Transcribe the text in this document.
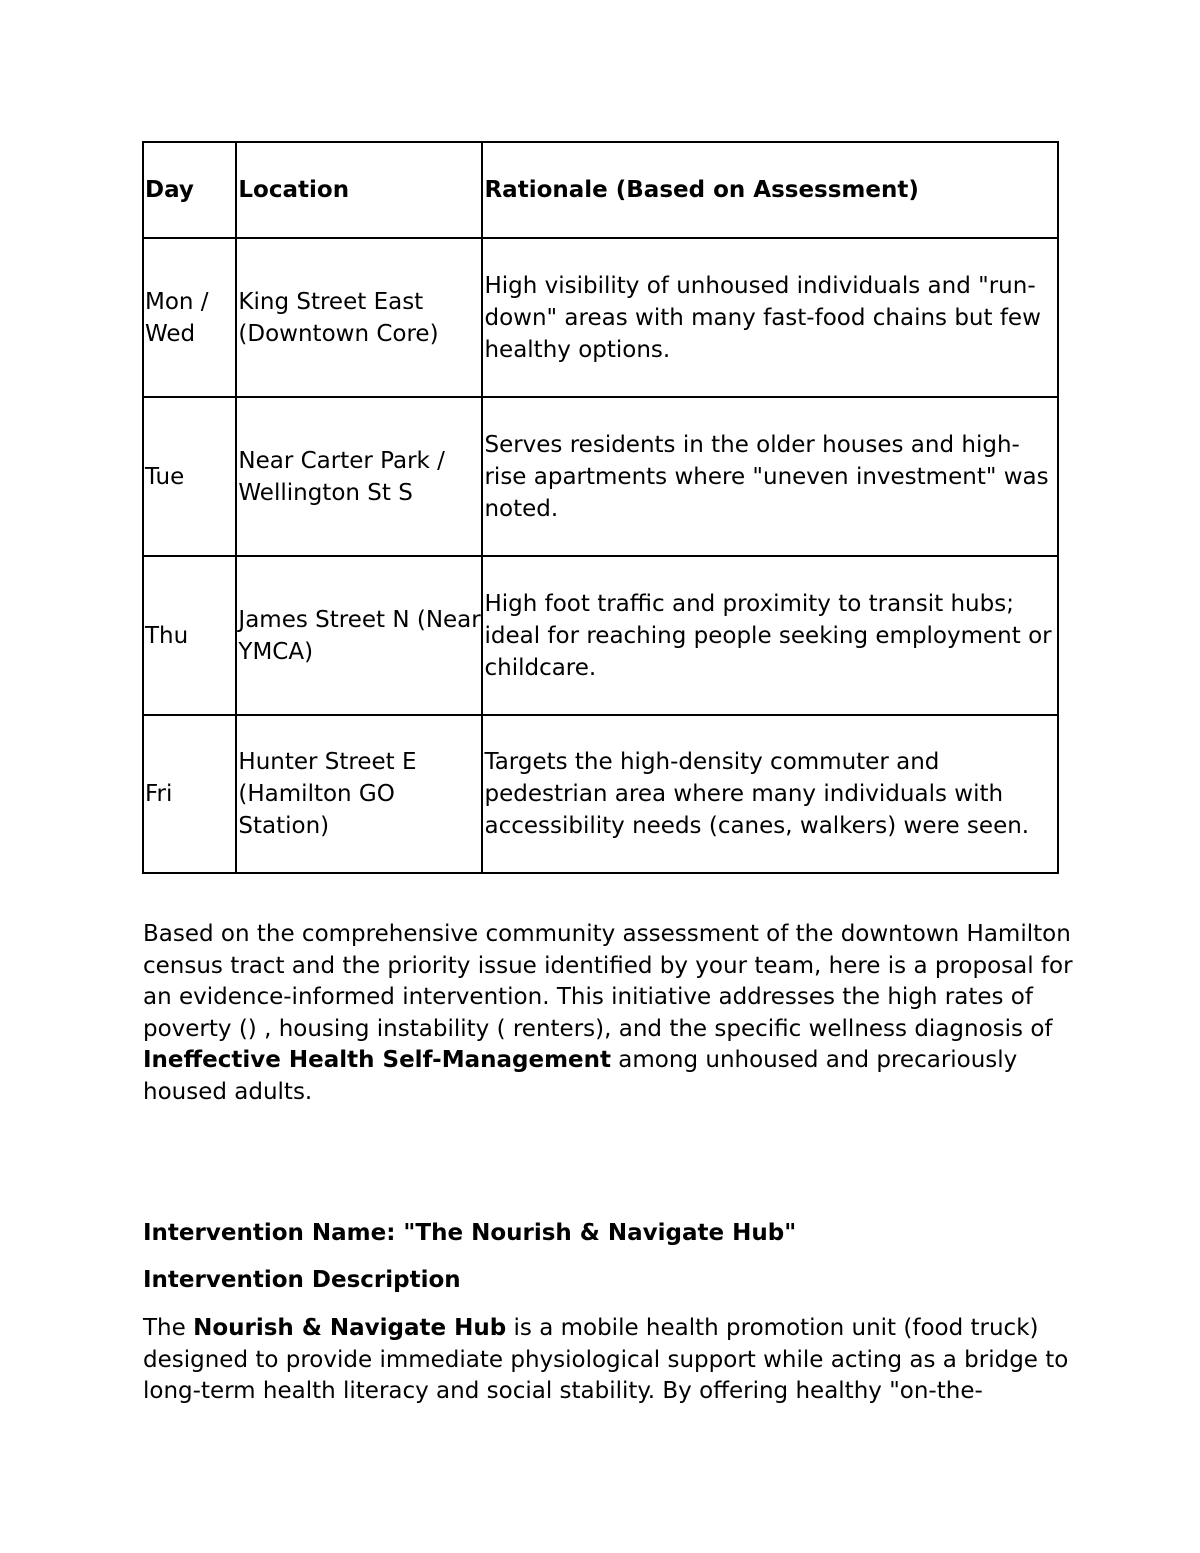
Day	Location	Rationale (Based on Assessment)
Mon / Wed	King Street East (Downtown Core)	High visibility of unhoused individuals and "run-down" areas with many fast-food chains but few healthy options.
Tue	Near Carter Park / Wellington St S	Serves residents in the older houses and high-rise apartments where "uneven investment" was noted.
Thu	James Street N (Near YMCA)	High foot traffic and proximity to transit hubs; ideal for reaching people seeking employment or childcare.
Fri	Hunter Street E (Hamilton GO Station)	Targets the high-density commuter and pedestrian area where many individuals with accessibility needs (canes, walkers) were seen.

Based on the comprehensive community assessment of the downtown Hamilton census tract and the priority issue identified by your team, here is a proposal for an evidence-informed intervention. This initiative addresses the high rates of poverty () , housing instability ( renters), and the specific wellness diagnosis of Ineffective Health Self-Management among unhoused and precariously housed adults.

Intervention Name: "The Nourish & Navigate Hub"

Intervention Description

The Nourish & Navigate Hub is a mobile health promotion unit (food truck) designed to provide immediate physiological support while acting as a bridge to long-term health literacy and social stability. By offering healthy "on-the-
